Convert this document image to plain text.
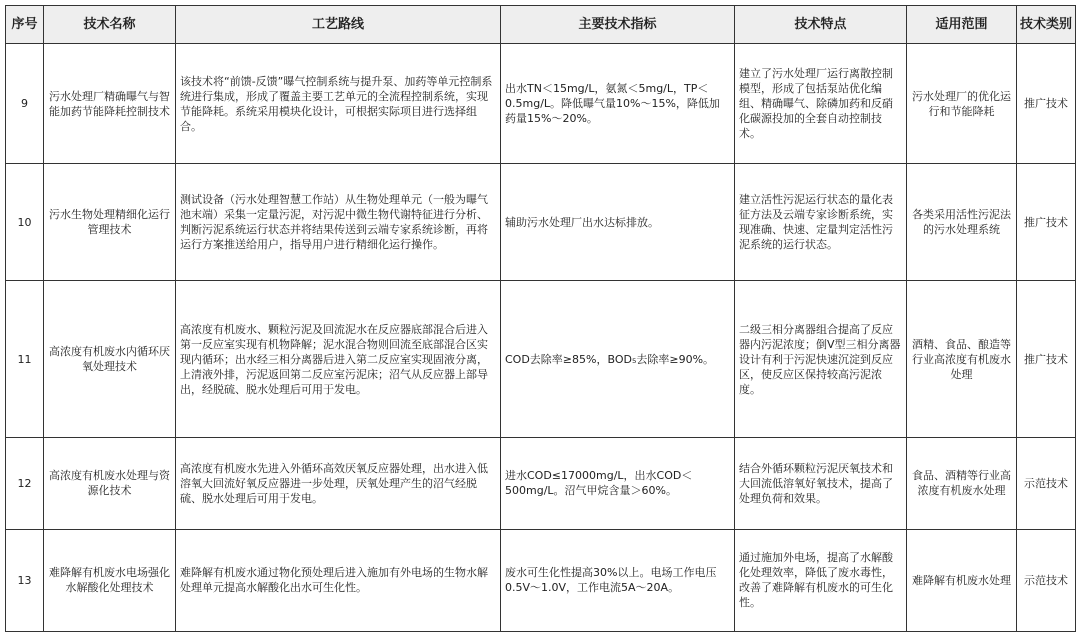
序号	技术名称	工艺路线	主要技术指标	技术特点	适用范围	技术类别
9	污水处理厂精确曝气与智能加药节能降耗控制技术	该技术将“前馈-反馈”曝气控制系统与提升泵、加药等单元控制系统进行集成，形成了覆盖主要工艺单元的全流程控制系统，实现节能降耗。系统采用模块化设计，可根据实际项目进行选择组合。	出水TN＜15mg/L，氨氮＜5mg/L，TP＜0.5mg/L。降低曝气量10%～15%，降低加药量15%～20%。	建立了污水处理厂运行离散控制模型，形成了包括泵站优化编组、精确曝气、除磷加药和反硝化碳源投加的全套自动控制技术。	污水处理厂的优化运行和节能降耗	推广技术
10	污水生物处理精细化运行管理技术	测试设备（污水处理智慧工作站）从生物处理单元（一般为曝气池末端）采集一定量污泥，对污泥中微生物代谢特征进行分析、判断污泥系统运行状态并将结果传送到云端专家系统诊断，再将运行方案推送给用户，指导用户进行精细化运行操作。	辅助污水处理厂出水达标排放。	建立活性污泥运行状态的量化表征方法及云端专家诊断系统，实现准确、快速、定量判定活性污泥系统的运行状态。	各类采用活性污泥法的污水处理系统	推广技术
11	高浓度有机废水内循环厌氧处理技术	高浓度有机废水、颗粒污泥及回流泥水在反应器底部混合后进入第一反应室实现有机物降解；泥水混合物则回流至底部混合区实现内循环；出水经三相分离器后进入第二反应室实现固液分离，上清液外排，污泥返回第二反应室污泥床；沼气从反应器上部导出，经脱硫、脱水处理后可用于发电。	COD去除率≥85%，BOD₅去除率≥90%。	二级三相分离器组合提高了反应器内污泥浓度；倒V型三相分离器设计有利于污泥快速沉淀到反应区，使反应区保持较高污泥浓度。	酒精、食品、酿造等行业高浓度有机废水处理	推广技术
12	高浓度有机废水处理与资源化技术	高浓度有机废水先进入外循环高效厌氧反应器处理，出水进入低溶氧大回流好氧反应器进一步处理，厌氧处理产生的沼气经脱硫、脱水处理后可用于发电。	进水COD≤17000mg/L，出水COD＜500mg/L。沼气甲烷含量＞60%。	结合外循环颗粒污泥厌氧技术和大回流低溶氧好氧技术，提高了处理负荷和效果。	食品、酒精等行业高浓度有机废水处理	示范技术
13	难降解有机废水电场强化水解酸化处理技术	难降解有机废水通过物化预处理后进入施加有外电场的生物水解处理单元提高水解酸化出水可生化性。	废水可生化性提高30%以上。电场工作电压0.5V～1.0V，工作电流5A～20A。	通过施加外电场，提高了水解酸化处理效率，降低了废水毒性，改善了难降解有机废水的可生化性。	难降解有机废水处理	示范技术
